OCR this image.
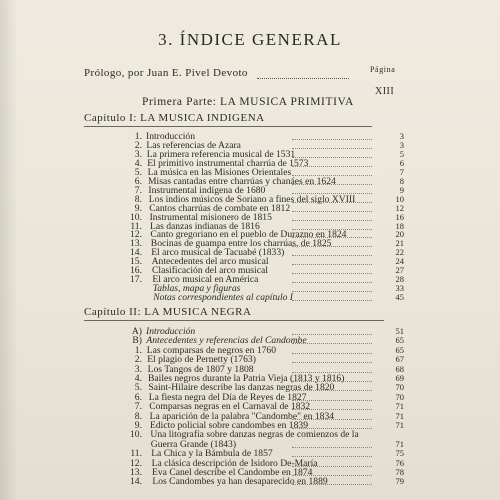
3. ÍNDICE GENERAL
Prólogo, por Juan E. Pivel Devoto	Página
XIII
Primera Parte: LA MUSICA PRIMITIVA
Capítulo I: LA MUSICA INDIGENA
1. Introducción	3
2. Las referencias de Azara	3
3. La primera referencia musical de 1531	5
4. El primitivo instrumental charrúa de 1573	6
5. La música en las Misiones Orientales	7
6. Misas cantadas entre charrúas y chanáes en 1624	8
7. Instrumental indígena de 1680	9
8. Los indios músicos de Soriano a fines del siglo XVIII	10
9. Cantos charrúas de combate en 1812	12
10. Instrumental misionero de 1815	16
11. Las danzas indianas de 1816	18
12. Canto gregoriano en el pueblo de Durazno en 1824	20
13. Bocinas de guampa entre los charrúas, de 1825	21
14. El arco musical de Tacuabé (1833)	22
15. Antecedentes del arco musical	24
16. Clasificación del arco musical	27
17. El arco musical en América	28
Tablas, mapa y figuras	33
Notas correspondientes al capítulo I	45
Capítulo II: LA MUSICA NEGRA
A) Introducción	51
B) Antecedentes y referencias del Candombe	65
1. Las comparsas de negros en 1760	65
2. El plagio de Pernetty (1763)	67
3. Los Tangos de 1807 y 1808	68
4. Bailes negros durante la Patria Vieja (1813 y 1816)	69
5. Saint-Hilaire describe las danzas negras de 1820	70
6. La fiesta negra del Día de Reyes de 1827	70
7. Comparsas negras en el Carnaval de 1832	71
8. La aparición de la palabra "Candombe" en 1834	71
9. Edicto policial sobre candombes en 1839	71
10. Una litografía sobre danzas negras de comienzos de la
Guerra Grande (1843)	71
11. La Chica y la Bámbula de 1857	75
12. La clásica descripción de Isidoro De-María	76
13. Eva Canel describe el Candombe en 1874	78
14. Los Candombes ya han desaparecido en 1889	79
